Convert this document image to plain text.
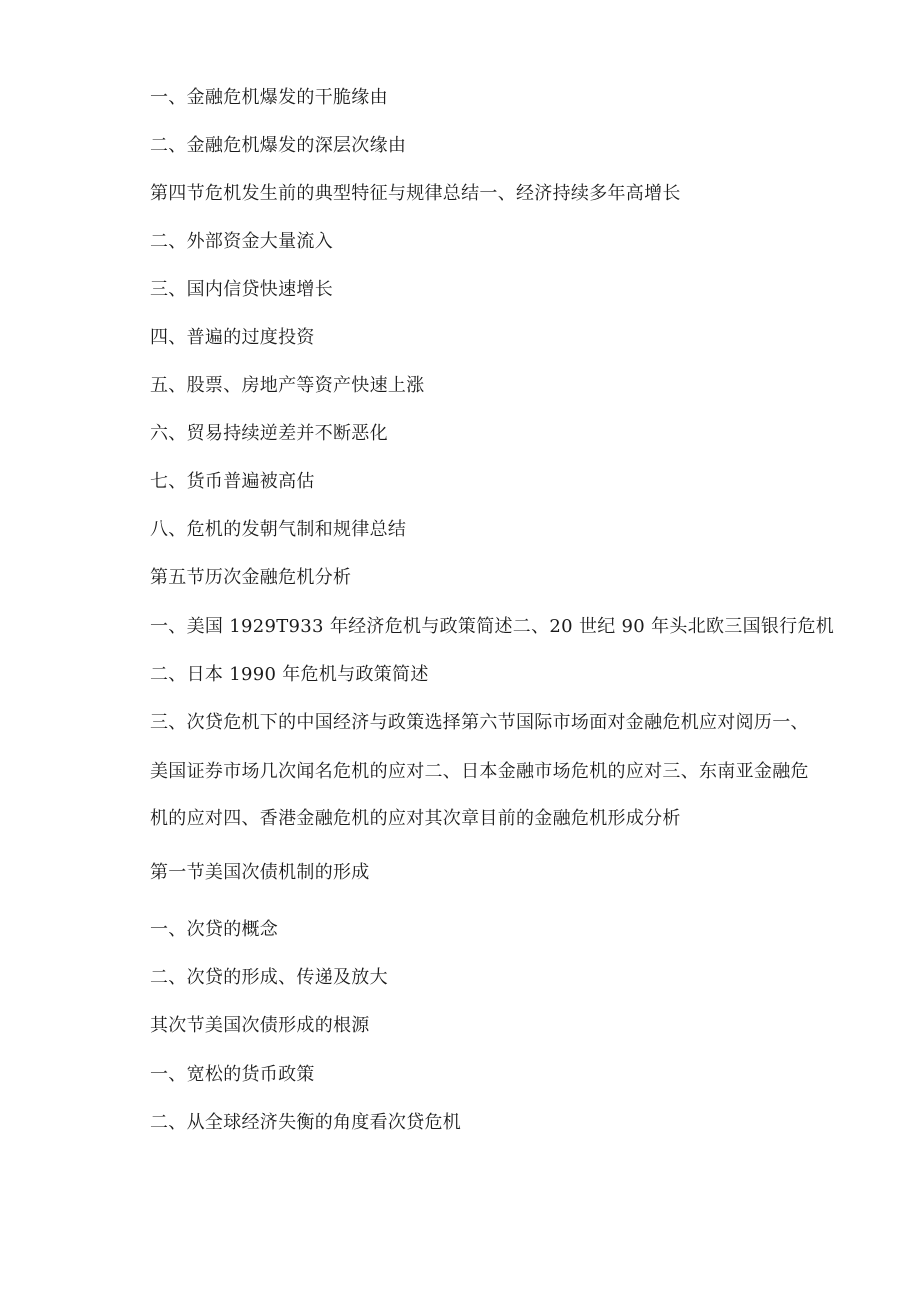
一、金融危机爆发的干脆缘由

二、金融危机爆发的深层次缘由

第四节危机发生前的典型特征与规律总结一、经济持续多年高增长

二、外部资金大量流入

三、国内信贷快速增长

四、普遍的过度投资

五、股票、房地产等资产快速上涨

六、贸易持续逆差并不断恶化

七、货币普遍被高估

八、危机的发朝气制和规律总结

第五节历次金融危机分析

一、美国 1929T933 年经济危机与政策简述二、20 世纪 90 年头北欧三国银行危机

二、日本 1990 年危机与政策简述

三、次贷危机下的中国经济与政策选择第六节国际市场面对金融危机应对阅历一、

美国证券市场几次闻名危机的应对二、日本金融市场危机的应对三、东南亚金融危

机的应对四、香港金融危机的应对其次章目前的金融危机形成分析

第一节美国次债机制的形成

一、次贷的概念

二、次贷的形成、传递及放大

其次节美国次债形成的根源

一、宽松的货币政策

二、从全球经济失衡的角度看次贷危机
